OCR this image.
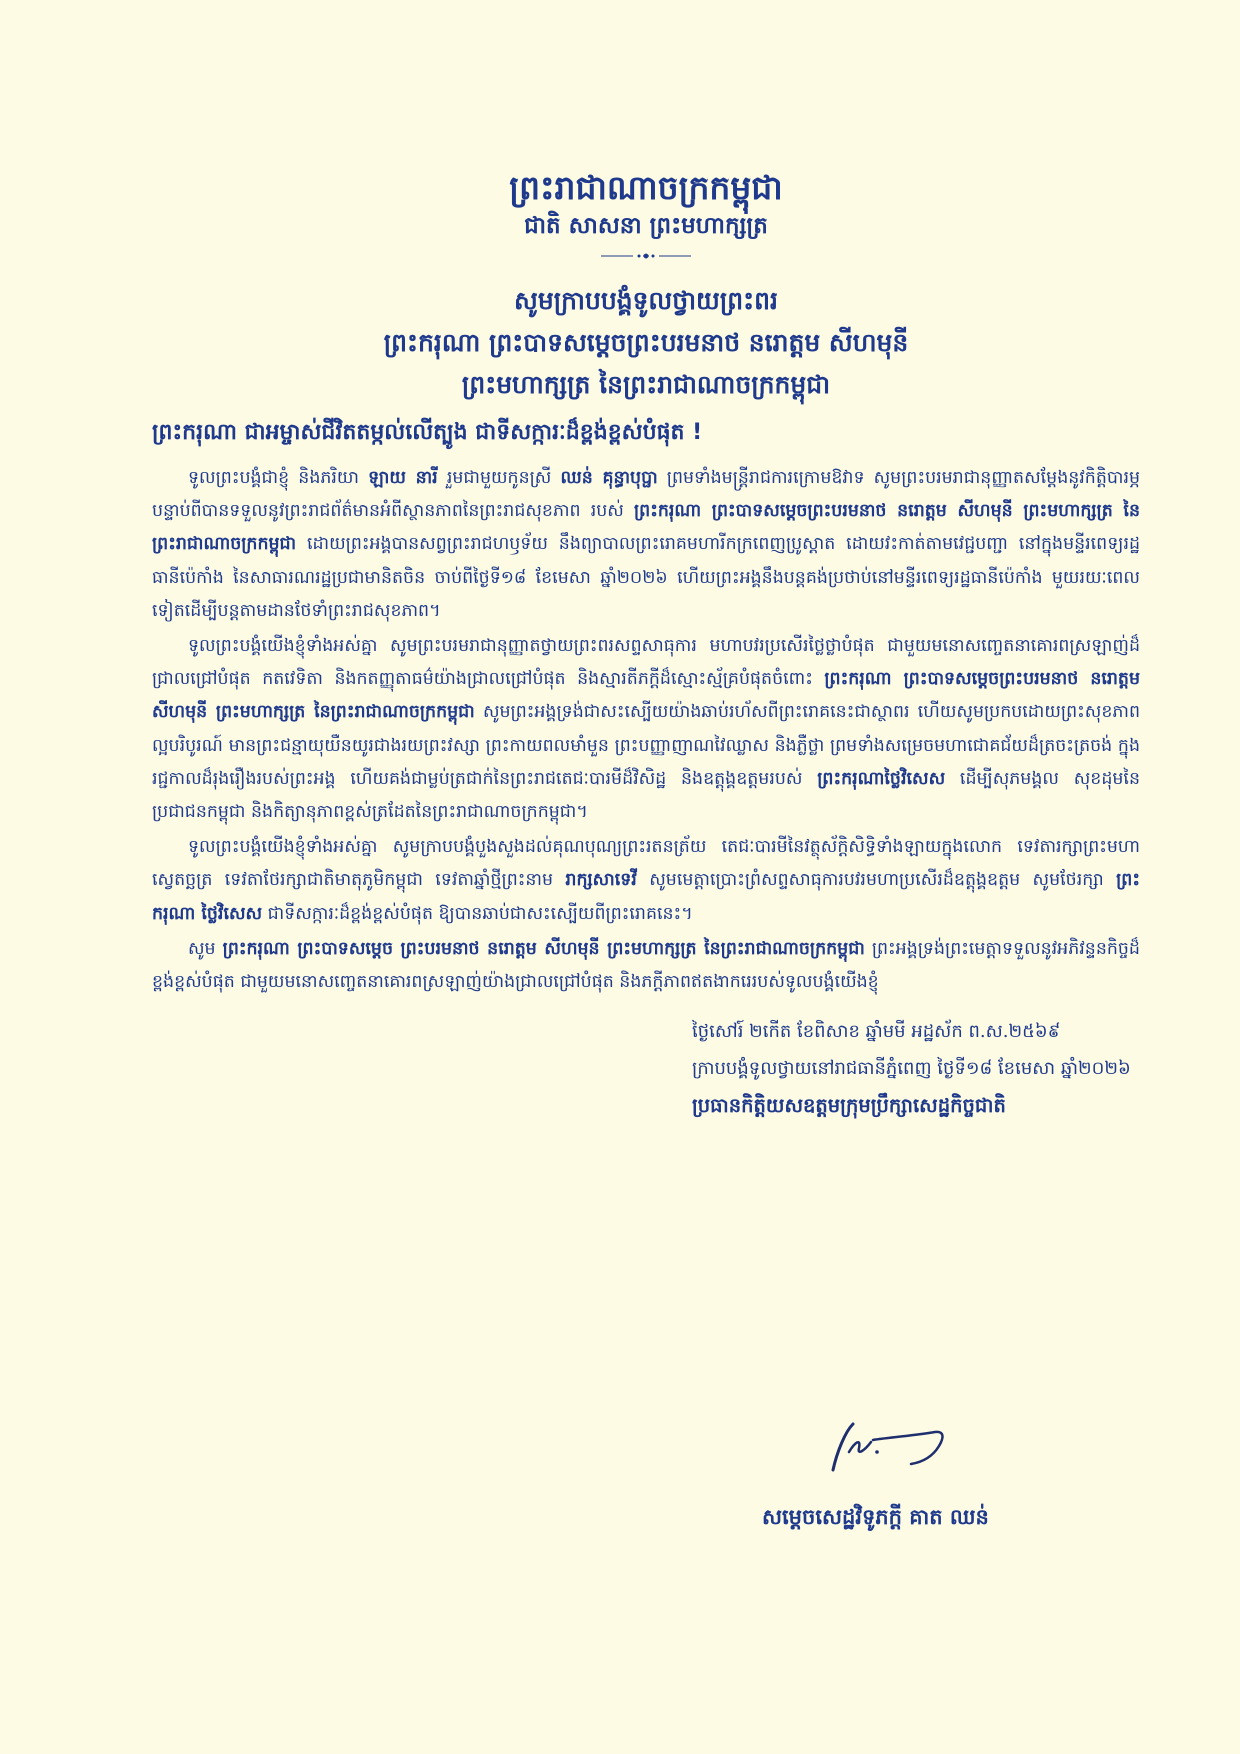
ព្រះរាជាណាចក្រកម្ពុជា

ជាតិ សាសនា ព្រះមហាក្សត្រ

សូមក្រាបបង្គំទូលថ្វាយព្រះពរ

ព្រះករុណា ព្រះបាទសម្តេចព្រះបរមនាថ នរោត្តម សីហមុនី

ព្រះមហាក្សត្រ នៃព្រះរាជាណាចក្រកម្ពុជា

ព្រះករុណា ជាអម្ចាស់ជីវិតតម្កល់លើត្បូង ជាទីសក្ការៈដ៏ខ្ពង់ខ្ពស់បំផុត !

ទូលព្រះបង្គំជាខ្ញុំ និងភរិយា ឡាយ នារី រួមជាមួយកូនស្រី ឈន់ គុន្ធាបុប្ផា ព្រមទាំងមន្ត្រីរាជការក្រោមឱវាទ សូមព្រះបរមរាជានុញ្ញាតសម្តែងនូវកិត្តិបារម្ភ បន្ទាប់ពីបានទទួលនូវព្រះរាជព័ត៌មានអំពីស្ថានភាពនៃព្រះរាជសុខភាព របស់ ព្រះករុណា ព្រះបាទសម្តេចព្រះបរមនាថ នរោត្តម សីហមុនី ព្រះមហាក្សត្រ នៃព្រះរាជាណាចក្រកម្ពុជា ដោយព្រះអង្គបានសព្វព្រះរាជហឫទ័យ នឹងព្យាបាលព្រះរោគមហារីកក្រពេញប្រូស្តាត ដោយវះកាត់តាមវេជ្ជបញ្ជា នៅក្នុងមន្ទីរពេទ្យរដ្ឋធានីប៉េកាំង នៃសាធារណរដ្ឋប្រជាមានិតចិន ចាប់ពីថ្ងៃទី១៨ ខែមេសា ឆ្នាំ២០២៦ ហើយព្រះអង្គនឹងបន្តគង់ប្រថាប់នៅមន្ទីរពេទ្យរដ្ឋធានីប៉េកាំង មួយរយៈពេលទៀតដើម្បីបន្តតាមដានថែទាំព្រះរាជសុខភាព។

ទូលព្រះបង្គំយើងខ្ញុំទាំងអស់គ្នា សូមព្រះបរមរាជានុញ្ញាតថ្វាយព្រះពរសព្ទសាធុការ មហាបវរប្រសើរថ្លៃថ្លាបំផុត ជាមួយមនោសញ្ចេតនាគោរពស្រឡាញ់ដ៏ជ្រាលជ្រៅបំផុត កតវេទិតា និងកតញ្ញុតាធម៌យ៉ាងជ្រាលជ្រៅបំផុត និងស្មារតីភក្តីដ៏ស្មោះស្ម័គ្របំផុតចំពោះ ព្រះករុណា ព្រះបាទសម្តេចព្រះបរមនាថ នរោត្តម សីហមុនី ព្រះមហាក្សត្រ នៃព្រះរាជាណាចក្រកម្ពុជា សូមព្រះអង្គទ្រង់ជាសះស្បើយយ៉ាងឆាប់រហ័សពីព្រះរោគនេះជាស្ថាពរ ហើយសូមប្រកបដោយព្រះសុខភាពល្អបរិបូរណ៍ មានព្រះជន្មាយុយឺនយូរជាងរយព្រះវស្សា ព្រះកាយពលមាំមួន ព្រះបញ្ញាញាណវៃឈ្លាស និងភ្លឺថ្លា ព្រមទាំងសម្រេចមហាជោគជ័យដ៏ត្រចះត្រចង់ ក្នុងរជ្ជកាលដ៏រុងរឿងរបស់ព្រះអង្គ ហើយគង់ជាម្លប់ត្រជាក់នៃព្រះរាជតេជៈបារមីដ៏វិសិដ្ឋ និងឧត្តុង្គឧត្តមរបស់ ព្រះករុណាថ្លៃវិសេស ដើម្បីសុភមង្គល សុខដុមនៃប្រជាជនកម្ពុជា និងកិត្យានុភាពខ្ពស់ត្រដែតនៃព្រះរាជាណាចក្រកម្ពុជា។

ទូលព្រះបង្គំយើងខ្ញុំទាំងអស់គ្នា សូមក្រាបបង្គំបួងសួងដល់គុណបុណ្យព្រះរតនត្រ័យ តេជៈបារមីនៃវត្ថុស័ក្តិសិទ្ធិទាំងឡាយក្នុងលោក ទេវតារក្សាព្រះមហាស្វេតច្ឆត្រ ទេវតាថែរក្សាជាតិមាតុភូមិកម្ពុជា ទេវតាឆ្នាំថ្មីព្រះនាម រាក្សសាទេវី សូមមេត្តាប្រោះព្រំសព្ទសាធុការបវរមហាប្រសើរដ៏ឧត្តុង្គឧត្តម សូមថែរក្សា ព្រះករុណា ថ្លៃវិសេស ជាទីសក្ការៈដ៏ខ្ពង់ខ្ពស់បំផុត ឱ្យបានឆាប់ជាសះស្បើយពីព្រះរោគនេះ។

សូម ព្រះករុណា ព្រះបាទសម្តេច ព្រះបរមនាថ នរោត្តម សីហមុនី ព្រះមហាក្សត្រ នៃព្រះរាជាណាចក្រកម្ពុជា ព្រះអង្គទ្រង់ព្រះមេត្តាទទួលនូវអភិវន្ទនកិច្ចដ៏ខ្ពង់ខ្ពស់បំផុត ជាមួយមនោសញ្ចេតនាគោរពស្រឡាញ់យ៉ាងជ្រាលជ្រៅបំផុត និងភក្តីភាពឥតងាករេរបស់ទូលបង្គំយើងខ្ញុំ

ថ្ងៃសៅរ៍ ២កើត ខែពិសាខ ឆ្នាំមមី អដ្ឋស័ក ព.ស.២៥៦៩
ក្រាបបង្គំទូលថ្វាយនៅរាជធានីភ្នំពេញ ថ្ងៃទី១៨ ខែមេសា ឆ្នាំ២០២៦
ប្រធានកិត្តិយសឧត្តមក្រុមប្រឹក្សាសេដ្ឋកិច្ចជាតិ
សម្តេចសេដ្ឋវិទូភក្តី គាត ឈន់
